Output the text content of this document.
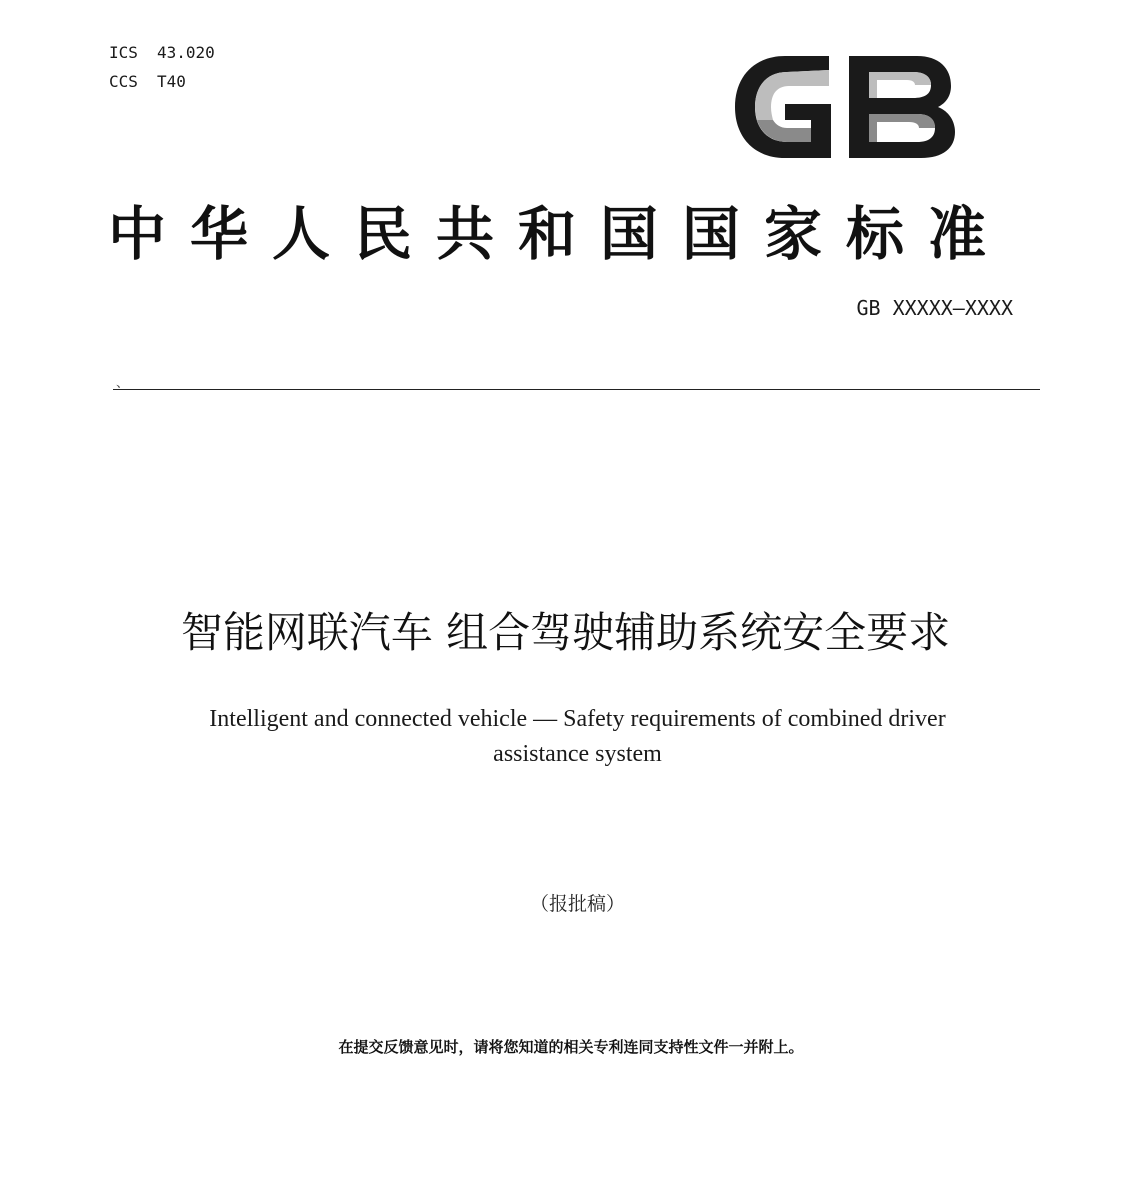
ICS 43.020
CCS T40
中华人民共和国国家标准
GB XXXXX—XXXX
、
智能网联汽车 组合驾驶辅助系统安全要求
Intelligent and connected vehicle — Safety requirements of combined driver
assistance system
（报批稿）
在提交反馈意见时，请将您知道的相关专利连同支持性文件一并附上。
